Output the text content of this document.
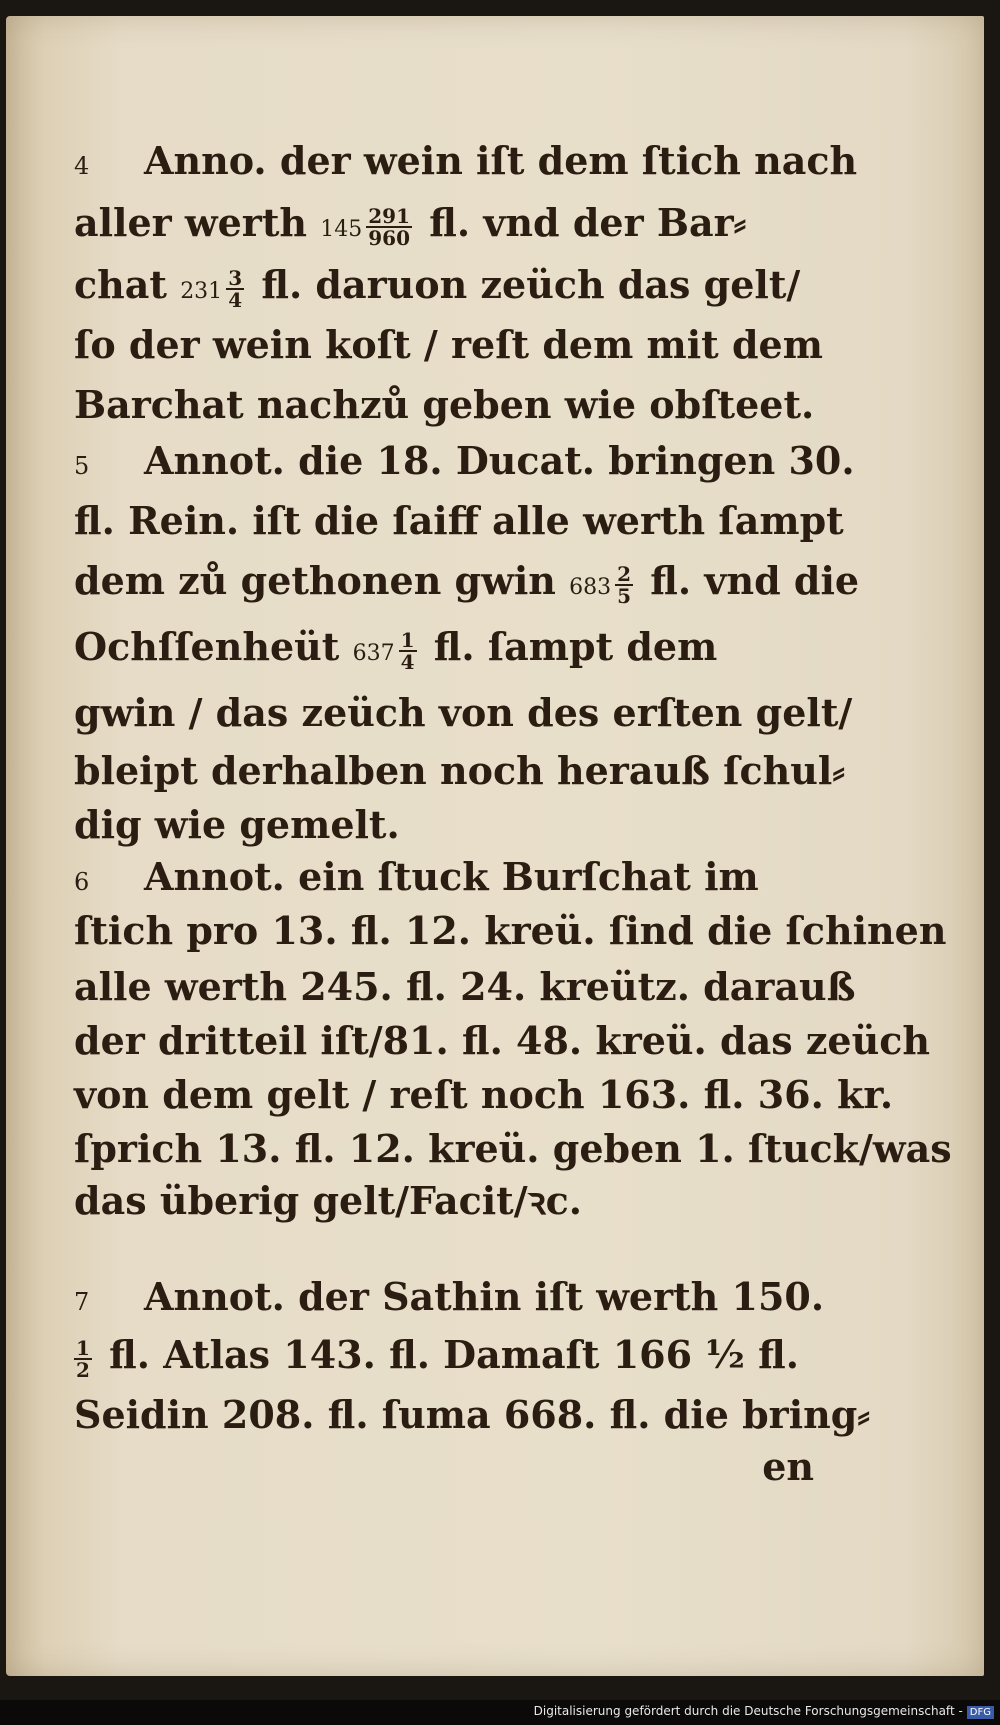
4 Anno. der wein iſt dem ſtich nach
aller werth $145 \frac{291}{960}$ fl. vnd der Bar⸗
chat $231 \frac{3}{4}$ fl. daruon zeüch das gelt/
ſo der wein koſt / reſt dem mit dem
Barchat nachzů geben wie obſteet.
5 Annot. die 18. Ducat. bringen 30.
fl. Rein. iſt die ſaiff alle werth ſampt
dem zů gethonen gwin $683 \frac{2}{5}$ fl. vnd die
Ochſſenheüt $637 \frac{1}{4}$ fl. ſampt dem
gwin / das zeüch von des erſten gelt/
bleipt derhalben noch herauß ſchul⸗
dig wie gemelt.
6 Annot. ein ſtuck Burſchat im
ſtich pro 13. fl. 12. kreü. ſind die ſchinen
alle werth 245. fl. 24. kreütz. darauß
der dritteil iſt/81. fl. 48. kreü. das zeüch
von dem gelt / reſt noch 163. fl. 36. kr.
ſprich 13. fl. 12. kreü. geben 1. ſtuck/was
das überig gelt/Facit/ꝛc.
7 Annot. der Sathin iſt werth 150.
$\frac{1}{2}$ fl. Atlas 143. fl. Damaſt 166 ½ fl.
Seidin 208. fl. ſuma 668. fl. die bring⸗
en
Digitalisierung gefördert durch die Deutsche Forschungsgemeinschaft - DFG
